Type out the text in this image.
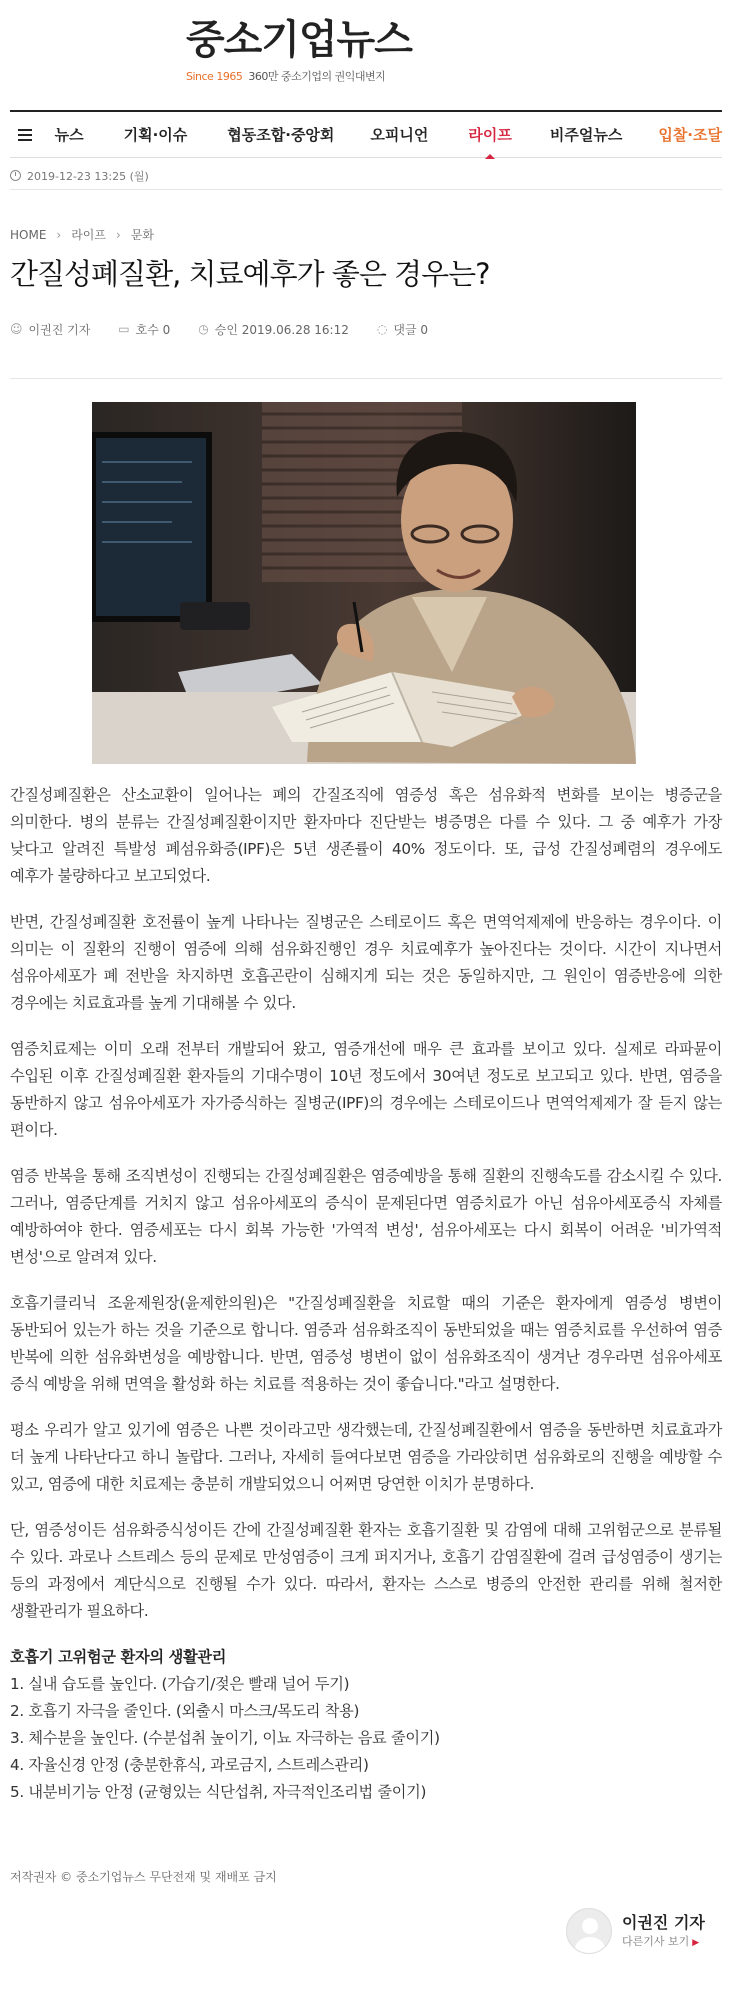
중소기업뉴스
Since 1965 360만 중소기업의 권익대변지
뉴스	기획·이슈	협동조합·중앙회 오피니언	라이프	비주얼뉴스 입찰·조달
2019-12-23 13:25 (월)
HOME › 라이프 › 문화
간질성폐질환, 치료예후가 좋은 경우는?
☺ 이권진 기자 ▭ 호수 0 ◷ 승인 2019.06.28 16:12 ◌ 댓글 0

간질성폐질환은 산소교환이 일어나는 폐의 간질조직에 염증성 혹은 섬유화적 변화를 보이는 병증군을 의미한다. 병의 분류는 간질성폐질환이지만 환자마다 진단받는 병증명은 다를 수 있다. 그 중 예후가 가장 낮다고 알려진 특발성 폐섬유화증(IPF)은 5년 생존률이 40% 정도이다. 또, 급성 간질성폐렴의 경우에도 예후가 불량하다고 보고되었다.

반면, 간질성폐질환 호전률이 높게 나타나는 질병군은 스테로이드 혹은 면역억제제에 반응하는 경우이다. 이 의미는 이 질환의 진행이 염증에 의해 섬유화진행인 경우 치료예후가 높아진다는 것이다. 시간이 지나면서 섬유아세포가 폐 전반을 차지하면 호흡곤란이 심해지게 되는 것은 동일하지만, 그 원인이 염증반응에 의한 경우에는 치료효과를 높게 기대해볼 수 있다.

염증치료제는 이미 오래 전부터 개발되어 왔고, 염증개선에 매우 큰 효과를 보이고 있다. 실제로 라파뮨이 수입된 이후 간질성폐질환 환자들의 기대수명이 10년 정도에서 30여년 정도로 보고되고 있다. 반면, 염증을 동반하지 않고 섬유아세포가 자가증식하는 질병군(IPF)의 경우에는 스테로이드나 면역억제제가 잘 듣지 않는 편이다.

염증 반복을 통해 조직변성이 진행되는 간질성폐질환은 염증예방을 통해 질환의 진행속도를 감소시킬 수 있다. 그러나, 염증단계를 거치지 않고 섬유아세포의 증식이 문제된다면 염증치료가 아닌 섬유아세포증식 자체를 예방하여야 한다. 염증세포는 다시 회복 가능한 '가역적 변성', 섬유아세포는 다시 회복이 어려운 '비가역적 변성'으로 알려져 있다.

호흡기클리닉 조윤제원장(윤제한의원)은 "간질성폐질환을 치료할 때의 기준은 환자에게 염증성 병변이 동반되어 있는가 하는 것을 기준으로 합니다. 염증과 섬유화조직이 동반되었을 때는 염증치료를 우선하여 염증 반복에 의한 섬유화변성을 예방합니다. 반면, 염증성 병변이 없이 섬유화조직이 생겨난 경우라면 섬유아세포 증식 예방을 위해 면역을 활성화 하는 치료를 적용하는 것이 좋습니다."라고 설명한다.

평소 우리가 알고 있기에 염증은 나쁜 것이라고만 생각했는데, 간질성폐질환에서 염증을 동반하면 치료효과가 더 높게 나타난다고 하니 놀랍다. 그러나, 자세히 들여다보면 염증을 가라앉히면 섬유화로의 진행을 예방할 수 있고, 염증에 대한 치료제는 충분히 개발되었으니 어쩌면 당연한 이치가 분명하다.

단, 염증성이든 섬유화증식성이든 간에 간질성폐질환 환자는 호흡기질환 및 감염에 대해 고위험군으로 분류될 수 있다. 과로나 스트레스 등의 문제로 만성염증이 크게 퍼지거나, 호흡기 감염질환에 걸려 급성염증이 생기는 등의 과정에서 계단식으로 진행될 수가 있다. 따라서, 환자는 스스로 병증의 안전한 관리를 위해 철저한 생활관리가 필요하다.

호흡기 고위험군 환자의 생활관리

1. 실내 습도를 높인다. (가습기/젖은 빨래 널어 두기)

2. 호흡기 자극을 줄인다. (외출시 마스크/목도리 착용)

3. 체수분을 높인다. (수분섭취 높이기, 이뇨 자극하는 음료 줄이기)

4. 자율신경 안정 (충분한휴식, 과로금지, 스트레스관리)

5. 내분비기능 안정 (균형있는 식단섭취, 자극적인조리법 줄이기)

저작권자 © 중소기업뉴스 무단전재 및 재배포 금지
이권진 기자
다른기사 보기 ▶
